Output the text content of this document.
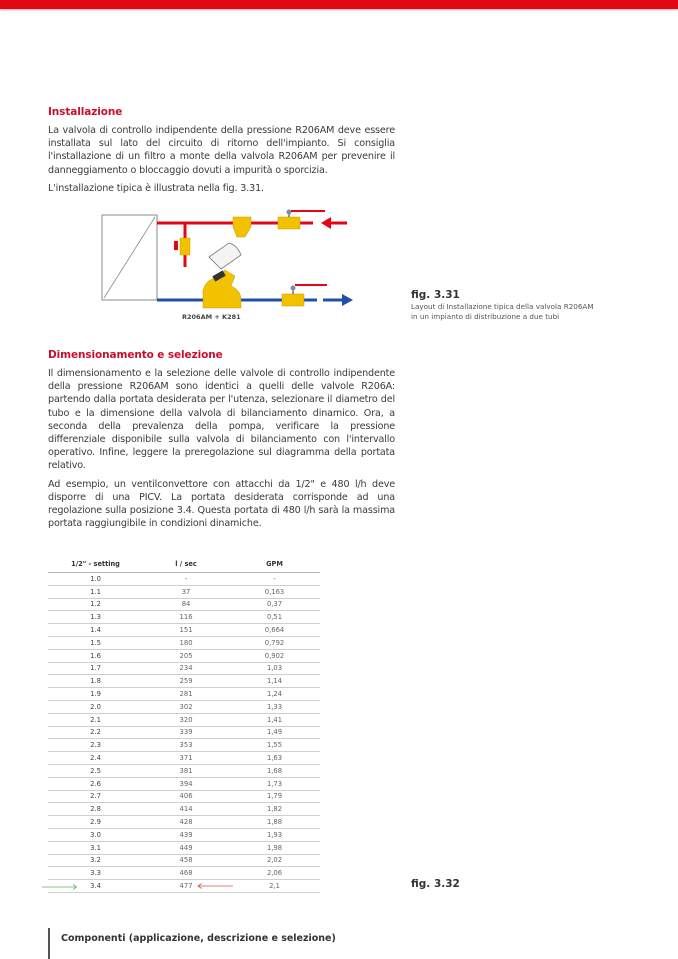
Installazione

La valvola di controllo indipendente della pressione R206AM deve essere installata sul lato del circuito di ritorno dell'impianto. Si consiglia l'installazione di un filtro a monte della valvola R206AM per prevenire il danneggiamento o bloccaggio dovuti a impurità o sporcizia.

L'installazione tipica è illustrata nella fig. 3.31.

R206AM + K281
fig. 3.31
Layout di Installazione tipica della valvola R206AM
in un impianto di distribuzione a due tubi
Dimensionamento e selezione

Il dimensionamento e la selezione delle valvole di controllo indipendente della pressione R206AM sono identici a quelli delle valvole R206A: partendo dalla portata desiderata per l'utenza, selezionare il diametro del tubo e la dimensione della valvola di bilanciamento dinamico. Ora, a seconda della prevalenza della pompa, verificare la pressione differenziale disponibile sulla valvola di bilanciamento con l'intervallo operativo. Infine, leggere la preregolazione sul diagramma della portata relativo.

Ad esempio, un ventilconvettore con attacchi da 1/2" e 480 l/h deve disporre di una PICV. La portata desiderata corrisponde ad una regolazione sulla posizione 3.4. Questa portata di 480 l/h sarà la massima portata raggiungibile in condizioni dinamiche.

1/2" - setting	l / sec	GPM
1.0	-	-
1.1	37	0,163
1.2	84	0,37
1.3	116	0,51
1.4	151	0,664
1.5	180	0,792
1.6	205	0,902
1.7	234	1,03
1.8	259	1,14
1.9	281	1,24
2.0	302	1,33
2.1	320	1,41
2.2	339	1,49
2.3	353	1,55
2.4	371	1,63
2.5	381	1,68
2.6	394	1,73
2.7	406	1,79
2.8	414	1,82
2.9	428	1,88
3.0	439	1,93
3.1	449	1,98
3.2	458	2,02
3.3	468	2,06

3.4	477	2,1	fig. 3.32
Componenti (applicazione, descrizione e selezione)
